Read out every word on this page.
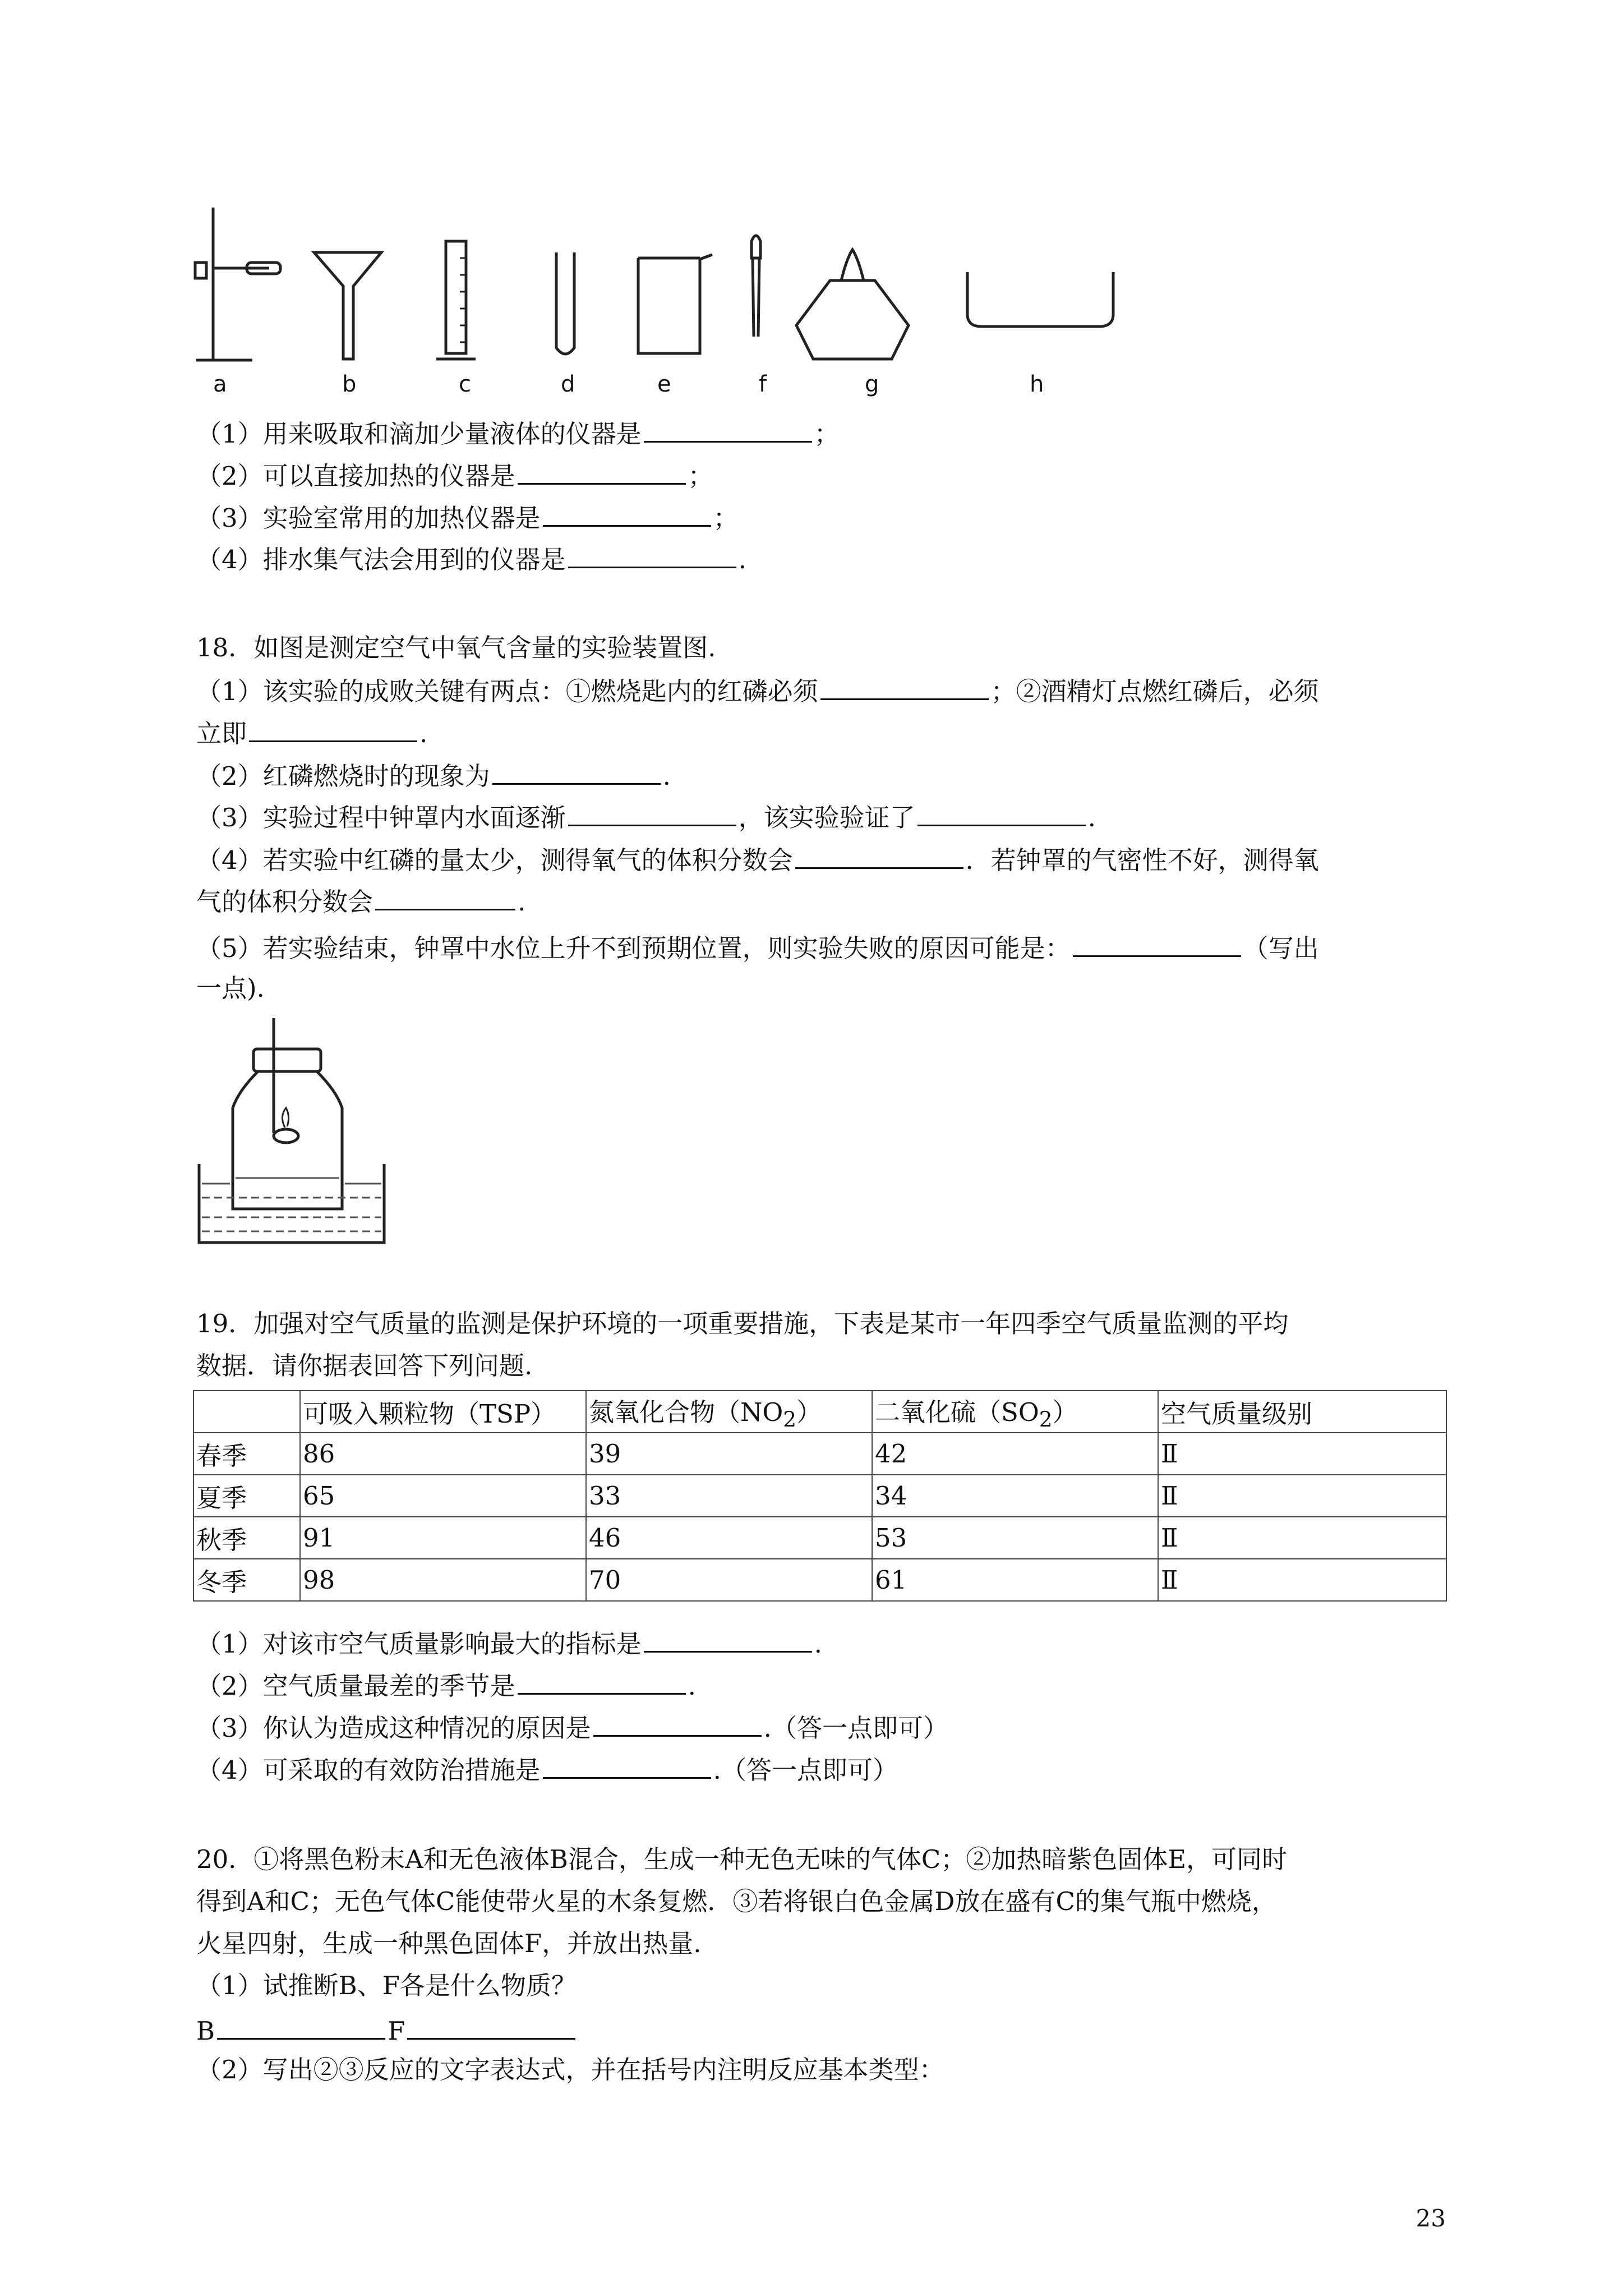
a	b	c	d	e	f	g	h
（1）用来吸取和滴加少量液体的仪器是	；
（2）可以直接加热的仪器是	；
（3）实验室常用的加热仪器是	；
（4）排水集气法会用到的仪器是	.
18．如图是测定空气中氧气含量的实验装置图.
（1）该实验的成败关键有两点：①燃烧匙内的红磷必须	；②酒精灯点燃红磷后，必须
立即	.
（2）红磷燃烧时的现象为	.
（3）实验过程中钟罩内水面逐渐	，该实验验证了	.
（4）若实验中红磷的量太少，测得氧气的体积分数会	．若钟罩的气密性不好，测得氧
气的体积分数会	.
（5）若实验结束，钟罩中水位上升不到预期位置，则实验失败的原因可能是：	（写出
一点).
19．加强对空气质量的监测是保护环境的一项重要措施，下表是某市一年四季空气质量监测的平均
数据．请你据表回答下列问题.
	可吸入颗粒物（TSP）	氮氧化合物$(NO_2)$	二氧化硫$(SO_2)$	空气质量级别
春季	86	39	42	Ⅱ
夏季	65	33	34	Ⅱ
秋季	91	46	53	Ⅱ
冬季	98	70	61	Ⅱ
（1）对该市空气质量影响最大的指标是	.
（2）空气质量最差的季节是	.
（3）你认为造成这种情况的原因是	.（答一点即可）
（4）可采取的有效防治措施是	.（答一点即可）
20．①将黑色粉末A和无色液体B混合，生成一种无色无味的气体C；②加热暗紫色固体E，可同时
得到A和C；无色气体C能使带火星的木条复燃．③若将银白色金属D放在盛有C的集气瓶中燃烧，
火星四射，生成一种黑色固体F，并放出热量.
（1）试推断B、F各是什么物质？
B	F
（2）写出②③反应的文字表达式，并在括号内注明反应基本类型：
23
